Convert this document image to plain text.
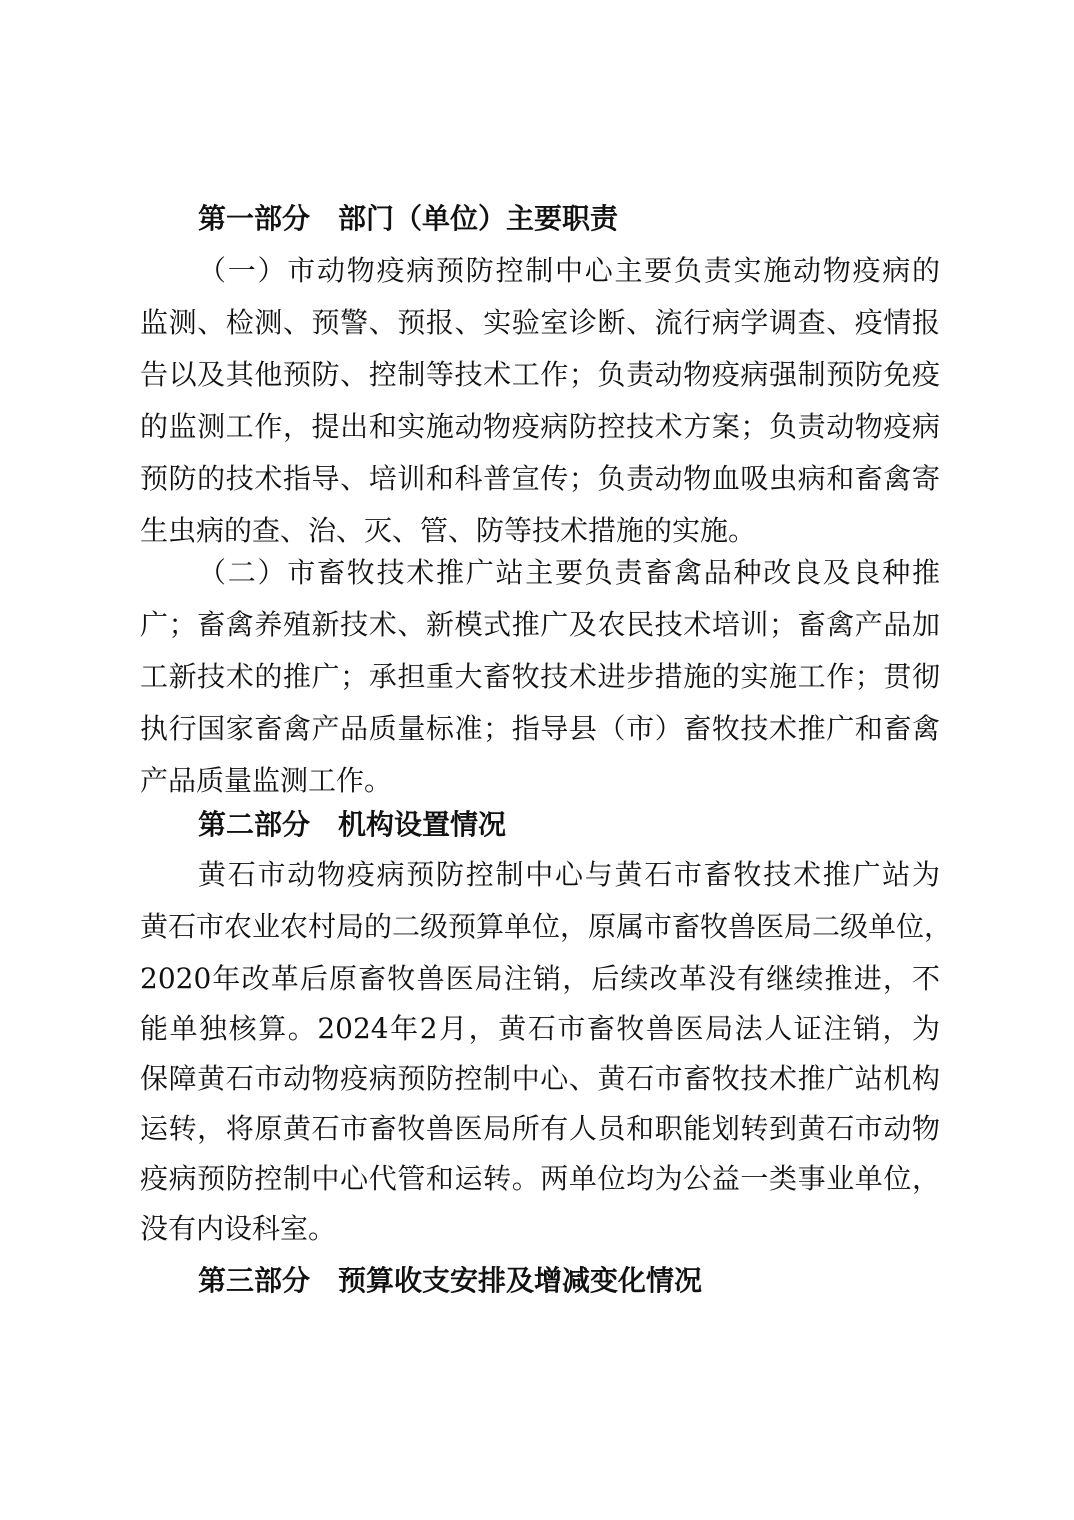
第一部分　部门（单位）主要职责
（一）市动物疫病预防控制中心主要负责实施动物疫病的
监测、检测、预警、预报、实验室诊断、流行病学调查、疫情报
告以及其他预防、控制等技术工作；负责动物疫病强制预防免疫
的监测工作，提出和实施动物疫病防控技术方案；负责动物疫病
预防的技术指导、培训和科普宣传；负责动物血吸虫病和畜禽寄
生虫病的查、治、灭、管、防等技术措施的实施。
（二）市畜牧技术推广站主要负责畜禽品种改良及良种推
广；畜禽养殖新技术、新模式推广及农民技术培训；畜禽产品加
工新技术的推广；承担重大畜牧技术进步措施的实施工作；贯彻
执行国家畜禽产品质量标准；指导县（市）畜牧技术推广和畜禽
产品质量监测工作。
第二部分　机构设置情况
黄石市动物疫病预防控制中心与黄石市畜牧技术推广站为
黄石市农业农村局的二级预算单位，原属市畜牧兽医局二级单位，
2020年改革后原畜牧兽医局注销，后续改革没有继续推进，不
能单独核算。2024年2月，黄石市畜牧兽医局法人证注销，为
保障黄石市动物疫病预防控制中心、黄石市畜牧技术推广站机构
运转，将原黄石市畜牧兽医局所有人员和职能划转到黄石市动物
疫病预防控制中心代管和运转。两单位均为公益一类事业单位，
没有内设科室。
第三部分　预算收支安排及增减变化情况
